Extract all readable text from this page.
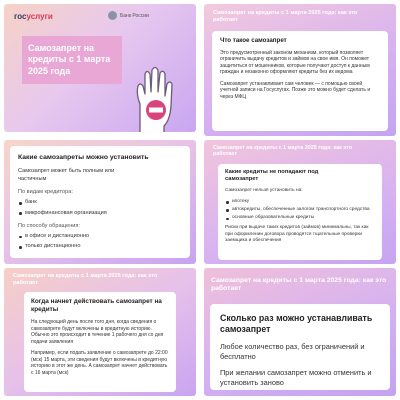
госуслуги	Банк России
Самозапрет на кредиты с 1 марта 2025 года
Самозапрет на кредиты с 1 марта 2025 года: как это работает
Что такое самозапрет
Это предусмотренный законом механизм, который позволяет ограничить выдачу кредитов и займов на свое имя. Он поможет защититься от мошенников, которые получают доступ к данным граждан и незаконно оформляют кредиты без их ведома
Самозапрет устанавливает сам человек — с помощью своей учетной записи на Госуслугах. Позже это можно будет сделать и через МФЦ
Какие самозапреты можно установить
Самозапрет может быть полным или частичным
По видам кредитора:
банк
микрофинансовая организация
По способу обращения:
в офисе и дистанционно
только дистанционно
Самозапрет на кредиты с 1 марта 2025 года: как это работает
Какие кредиты не попадают под самозапрет
Самозапрет нельзя установить на:
ипотеку
автокредиты, обеспеченные залогом транспортного средства
основные образовательные кредиты
Риски при выдаче таких кредитов (займов) минимальны, так как при оформлении договора проводятся тщательные проверки заемщика и обеспечения
Самозапрет на кредиты с 1 марта 2025 года: как это работает
Когда начнет действовать самозапрет на кредиты
На следующий день после того дня, когда сведения о самозапрете будут включены в кредитную историю. Обычно это происходит в течение 1 рабочего дня со дня подачи заявления
Например, если подать заявление о самозапрете до 22:00 (мск) 15 марта, эти сведения будут включены в кредитную историю в этот же день. А самозапрет начнет действовать с 16 марта (мск)
Самозапрет на кредиты с 1 марта 2025 года: как это работает
Сколько раз можно устанавливать самозапрет
Любое количество раз, без ограничений и бесплатно
При желании самозапрет можно отменить и установить заново
